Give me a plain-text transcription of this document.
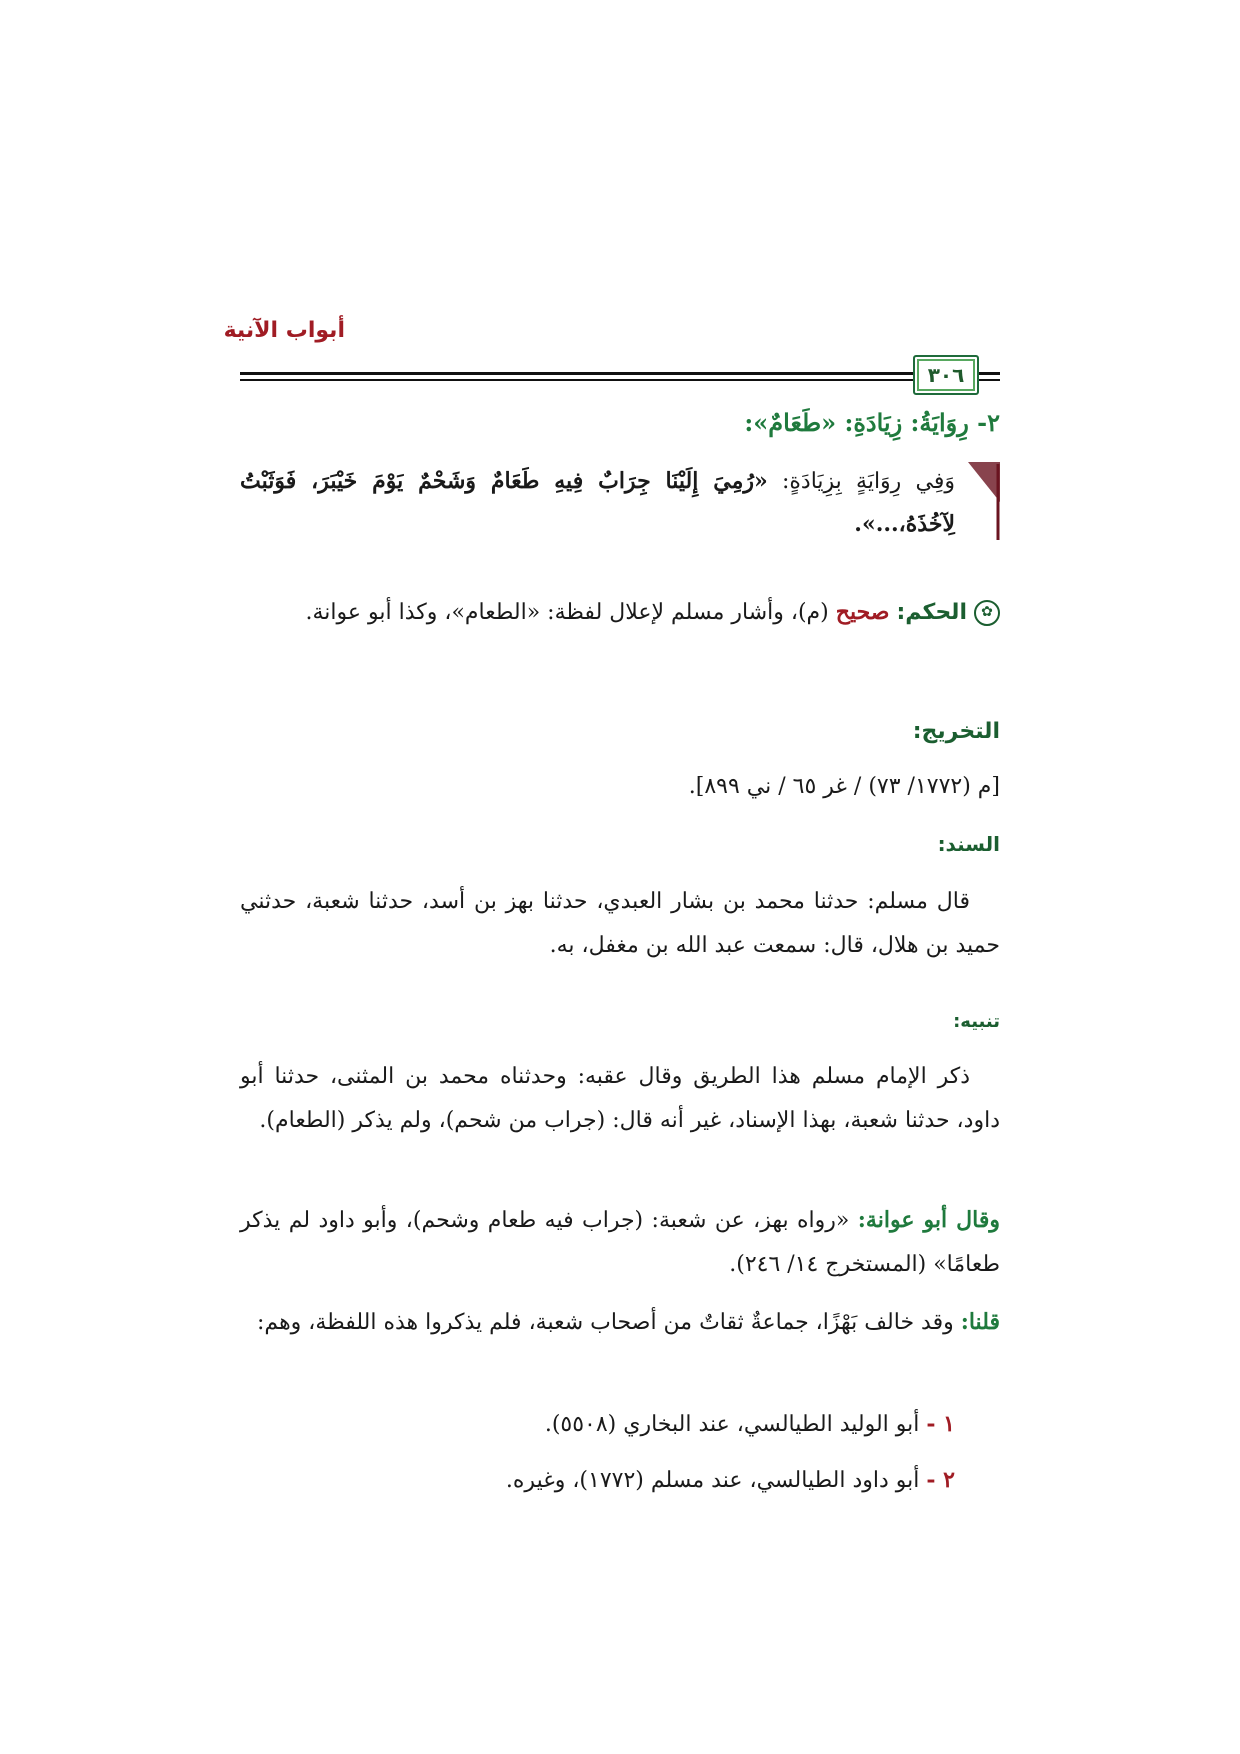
أبواب الآنية
٣٠٦
٢- رِوَايَةُ: زِيَادَةِ: «طَعَامٌ»:
وَفِي رِوَايَةٍ بِزِيَادَةٍ: «رُمِيَ إِلَيْنَا جِرَابٌ فِيهِ طَعَامٌ وَشَحْمٌ يَوْمَ خَيْبَرَ، فَوَثَبْتُ لِآخُذَهُ،...».
✿ الحكم: صحيح (م)، وأشار مسلم لإعلال لفظة: «الطعام»، وكذا أبو عوانة.
التخريج:
[م (١٧٧٢/ ٧٣) / غر ٦٥ / ني ٨٩٩].
السند:
قال مسلم: حدثنا محمد بن بشار العبدي، حدثنا بهز بن أسد، حدثنا شعبة، حدثني حميد بن هلال، قال: سمعت عبد الله بن مغفل، به.
تنبيه:
ذكر الإمام مسلم هذا الطريق وقال عقبه: وحدثناه محمد بن المثنى، حدثنا أبو داود، حدثنا شعبة، بهذا الإسناد، غير أنه قال: (جراب من شحم)، ولم يذكر (الطعام).
وقال أبو عوانة: «رواه بهز، عن شعبة: (جراب فيه طعام وشحم)، وأبو داود لم يذكر طعامًا» (المستخرج ١٤/ ٢٤٦).
قلنا: وقد خالف بَهْزًا، جماعةٌ ثقاتٌ من أصحاب شعبة، فلم يذكروا هذه اللفظة، وهم:
١ - أبو الوليد الطيالسي، عند البخاري (٥٥٠٨).
٢ - أبو داود الطيالسي، عند مسلم (١٧٧٢)، وغيره.
